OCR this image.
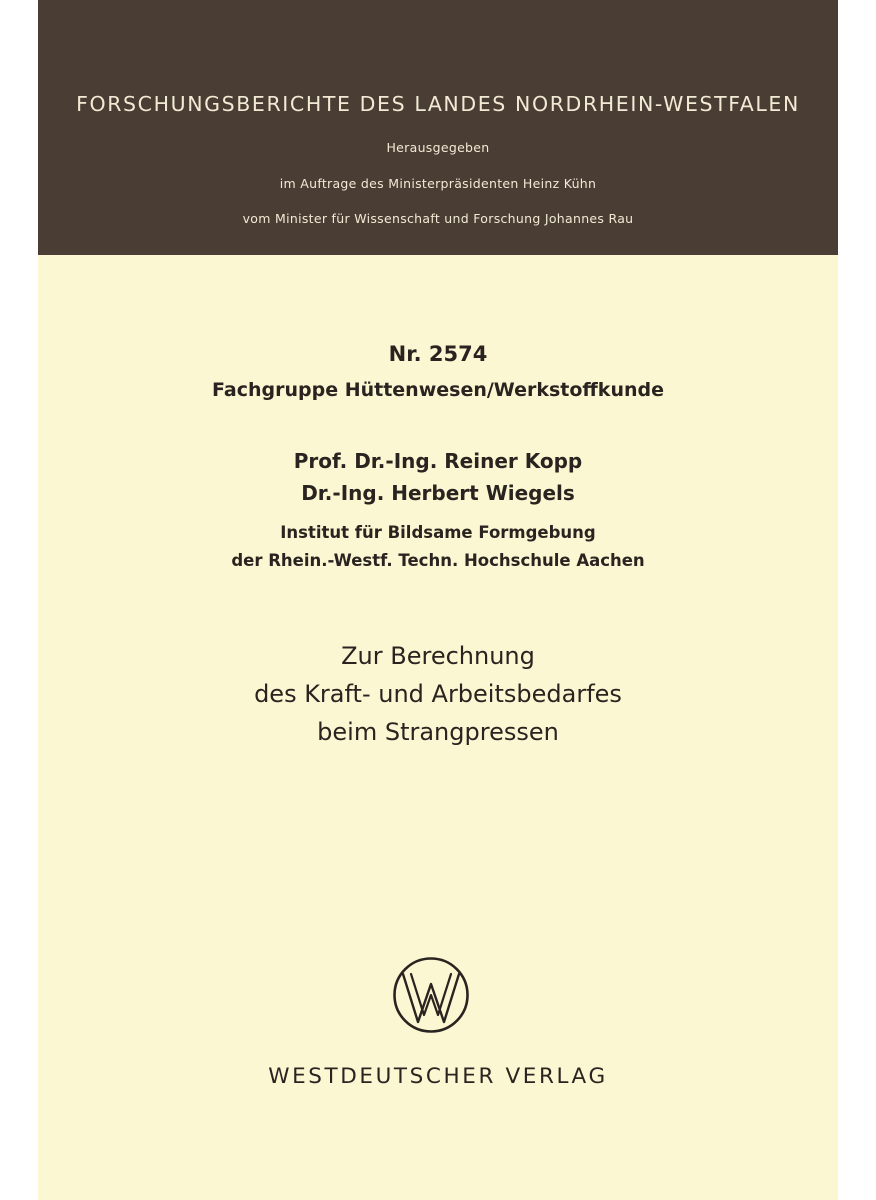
FORSCHUNGSBERICHTE DES LANDES NORDRHEIN-WESTFALEN
Herausgegeben
im Auftrage des Ministerpräsidenten Heinz Kühn
vom Minister für Wissenschaft und Forschung Johannes Rau
Nr. 2574
Fachgruppe Hüttenwesen/Werkstoffkunde
Prof. Dr.-Ing. Reiner Kopp
Dr.-Ing. Herbert Wiegels
Institut für Bildsame Formgebung
der Rhein.-Westf. Techn. Hochschule Aachen
Zur Berechnung
des Kraft- und Arbeitsbedarfes
beim Strangpressen
WESTDEUTSCHER VERLAG
